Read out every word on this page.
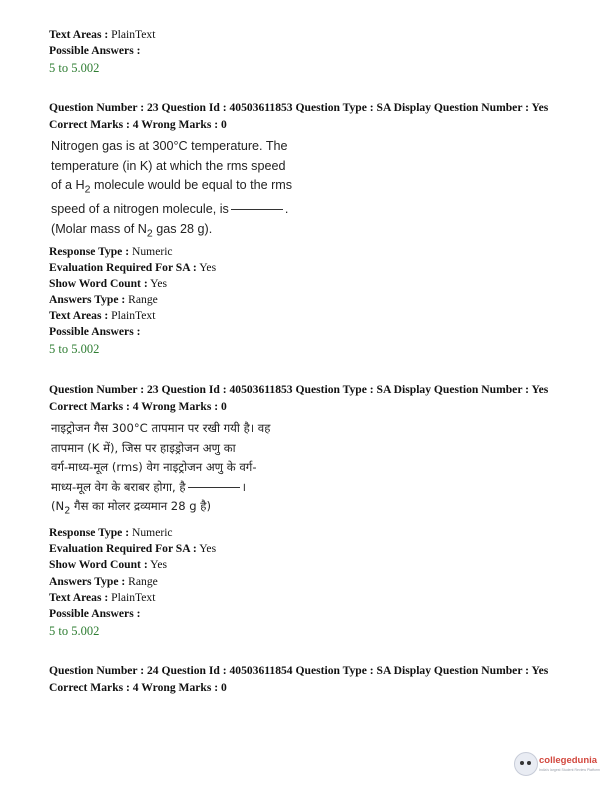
Text Areas : PlainText
Possible Answers :
5 to 5.002
Question Number : 23 Question Id : 40503611853 Question Type : SA Display Question Number : Yes
Correct Marks : 4 Wrong Marks : 0
Nitrogen gas is at 300°C temperature. The
temperature (in K) at which the rms speed
of a $H_2$ molecule would be equal to the rms
speed of a nitrogen molecule, is	.
(Molar mass of $N_2$ gas 28 g).
Response Type : Numeric
Evaluation Required For SA : Yes
Show Word Count : Yes
Answers Type : Range
Text Areas : PlainText
Possible Answers :
5 to 5.002
Question Number : 23 Question Id : 40503611853 Question Type : SA Display Question Number : Yes
Correct Marks : 4 Wrong Marks : 0
नाइट्रोजन गैस 300°C तापमान पर रखी गयी है। वह
तापमान (K में), जिस पर हाइड्रोजन अणु का
वर्ग-माध्य-मूल (rms) वेग नाइट्रोजन अणु के वर्ग-
माध्य-मूल वेग के बराबर होगा, है	।
($N_2$ गैस का मोलर द्रव्यमान 28 g है)
Response Type : Numeric
Evaluation Required For SA : Yes
Show Word Count : Yes
Answers Type : Range
Text Areas : PlainText
Possible Answers :
5 to 5.002
Question Number : 24 Question Id : 40503611854 Question Type : SA Display Question Number : Yes
Correct Marks : 4 Wrong Marks : 0
collegedunia
India's largest Student Review Platform
